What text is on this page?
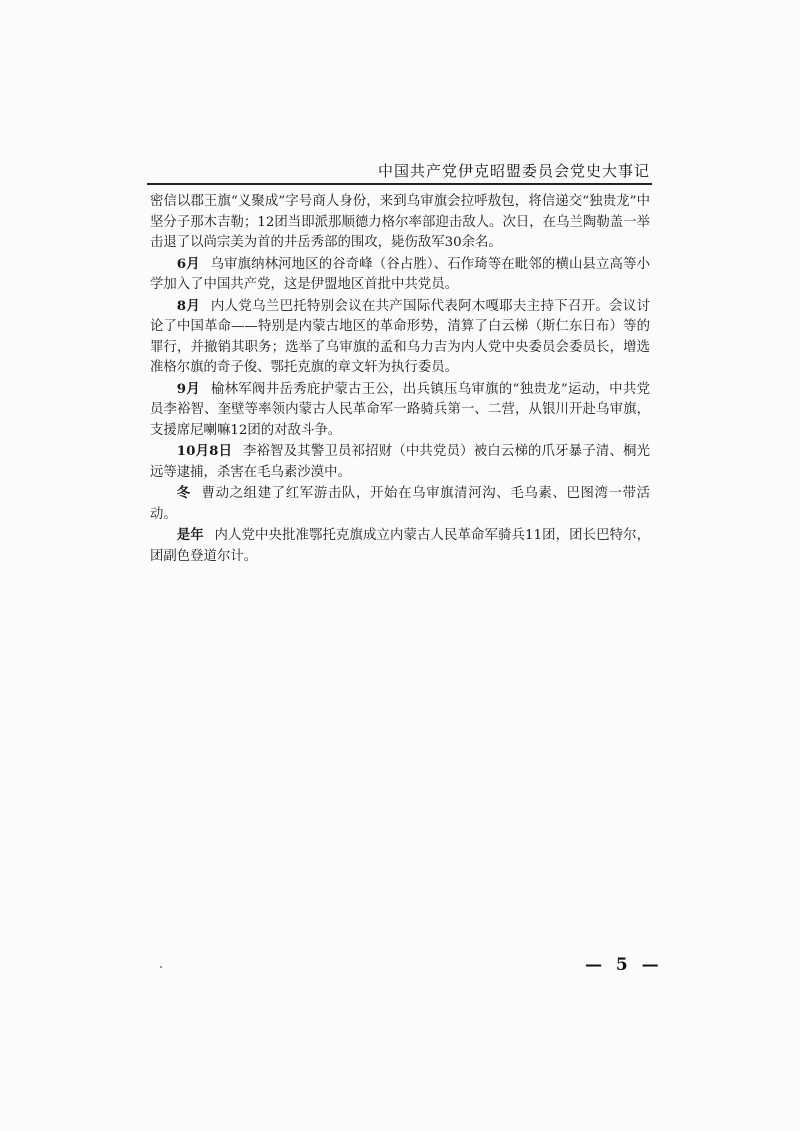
中国共产党伊克昭盟委员会党史大事记

密信以郡王旗“义聚成”字号商人身份，来到乌审旗会拉呼敖包，将信递交“独贵龙”中坚分子那木吉勒；12团当即派那顺德力格尔率部迎击敌人。次日，在乌兰陶勒盖一举击退了以尚宗美为首的井岳秀部的围攻，毙伤敌军30余名。

6月 乌审旗纳林河地区的谷奇峰（谷占胜）、石作琦等在毗邻的横山县立高等小学加入了中国共产党，这是伊盟地区首批中共党员。

8月 内人党乌兰巴托特别会议在共产国际代表阿木嘎耶夫主持下召开。会议讨论了中国革命——特别是内蒙古地区的革命形势，清算了白云梯（斯仁东日布）等的罪行，并撤销其职务；选举了乌审旗的孟和乌力吉为内人党中央委员会委员长，增选准格尔旗的奇子俊、鄂托克旗的章文轩为执行委员。

9月 榆林军阀井岳秀庇护蒙古王公，出兵镇压乌审旗的“独贵龙”运动，中共党员李裕智、奎壁等率领内蒙古人民革命军一路骑兵第一、二营，从银川开赴乌审旗，支援席尼喇嘛12团的对敌斗争。

10月8日 李裕智及其警卫员祁招财（中共党员）被白云梯的爪牙暴子清、桐光远等逮捕，杀害在毛乌素沙漠中。

冬 曹动之组建了红军游击队，开始在乌审旗清河沟、毛乌素、巴图湾一带活动。

是年 内人党中央批准鄂托克旗成立内蒙古人民革命军骑兵11团，团长巴特尔，团副色登道尔计。

— 5 —
